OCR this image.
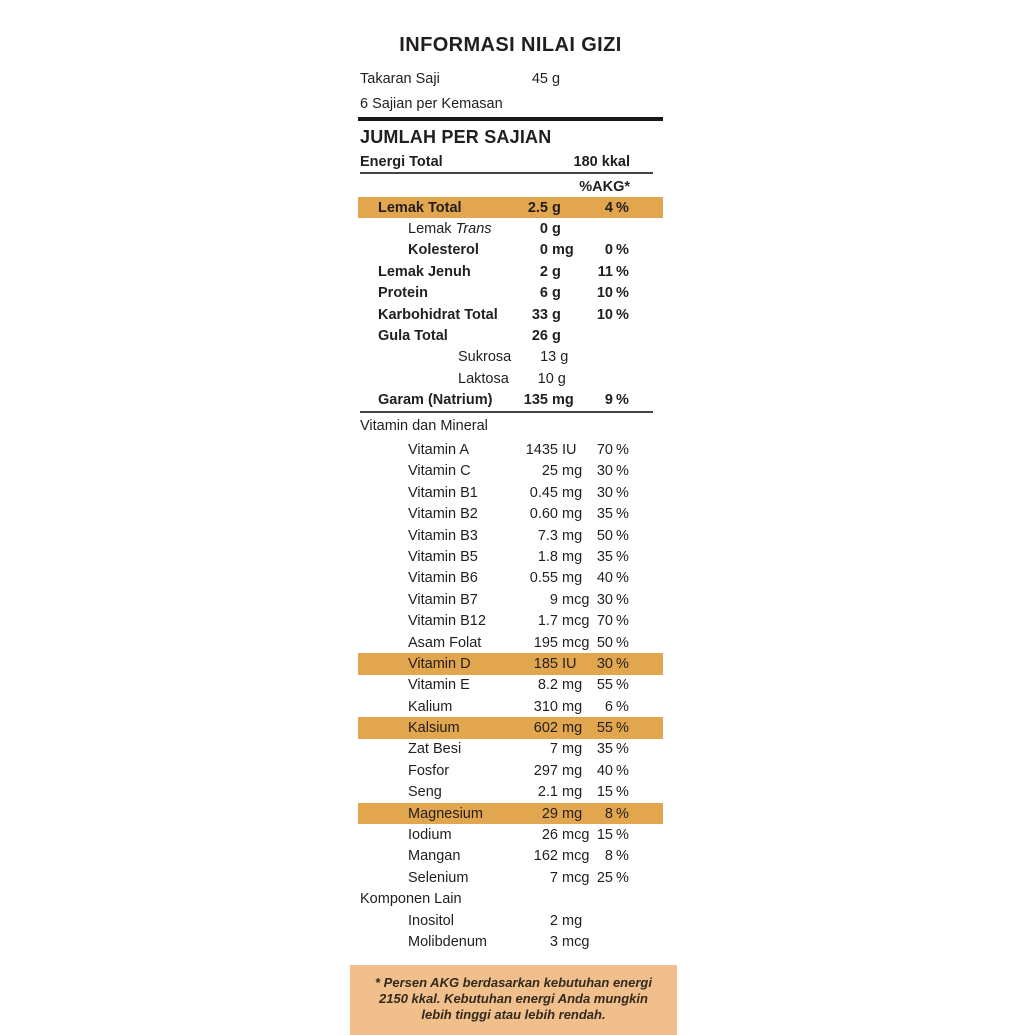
INFORMASI NILAI GIZI
Takaran Saji	45 g
6 Sajian per Kemasan
JUMLAH PER SAJIAN
Energi Total	180 kkal
%AKG*
Lemak Total	2.5 g	4 %
Lemak Trans	0 g
Kolesterol	0 mg	0 %
Lemak Jenuh	2 g	11 %
Protein	6 g	10 %
Karbohidrat Total	33 g	10 %
Gula Total	26 g
Sukrosa	13 g
Laktosa	10 g
Garam (Natrium)	135 mg	9 %
Vitamin dan Mineral
Vitamin A	1435 IU	70 %
Vitamin C	25 mg	30 %
Vitamin B1	0.45 mg	30 %
Vitamin B2	0.60 mg	35 %
Vitamin B3	7.3 mg	50 %
Vitamin B5	1.8 mg	35 %
Vitamin B6	0.55 mg	40 %
Vitamin B7	9 mcg 30 %
Vitamin B12	1.7 mcg 70 %
Asam Folat	195 mcg 50 %
Vitamin D	185 IU	30 %
Vitamin E	8.2 mg	55 %
Kalium	310 mg	6 %
Kalsium	602 mg	55 %
Zat Besi	7 mg	35 %
Fosfor	297 mg	40 %
Seng	2.1 mg	15 %
Magnesium	29 mg	8 %
Iodium	26 mcg 15 %
Mangan	162 mcg	8 %
Selenium	7 mcg 25 %
Komponen Lain
Inositol	2 mg
Molibdenum	3 mcg
* Persen AKG berdasarkan kebutuhan energi 2150 kkal. Kebutuhan energi Anda mungkin lebih tinggi atau lebih rendah.
